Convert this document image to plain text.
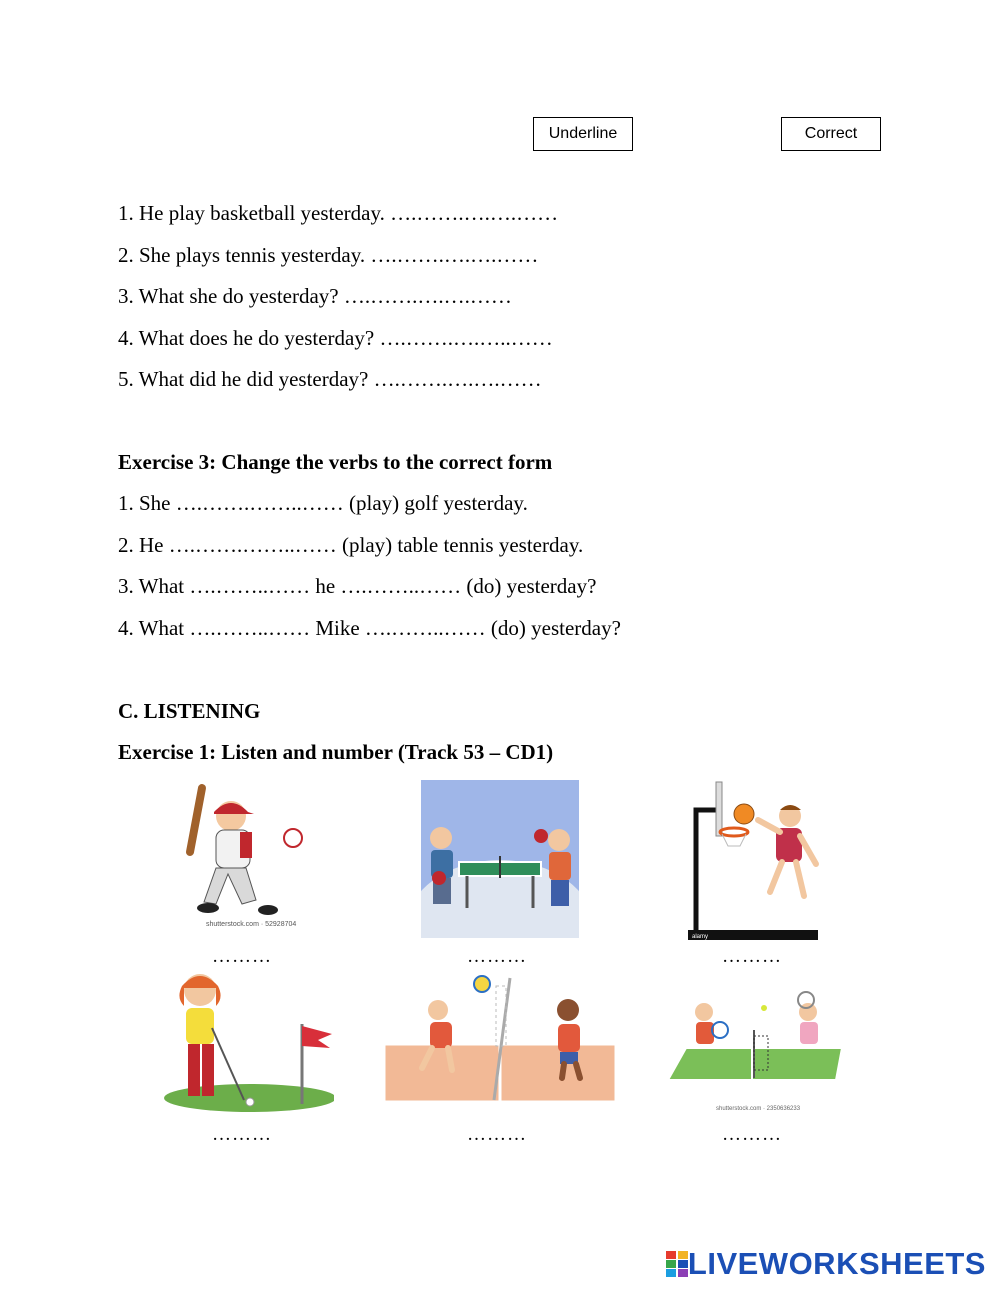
Underline	Correct
1. He play basketball yesterday. ….…….….….……
2. She plays tennis yesterday. ….…….….….……
3. What she do yesterday? ….…….….….……
4. What does he do yesterday? ….…….….…..……
5. What did he did yesterday? ….…….….….……
Exercise 3: Change the verbs to the correct form
1. She ….…….……..…… (play) golf yesterday.
2. He ….…….……..…… (play) table tennis yesterday.
3. What ….……..…… he ….……..…… (do) yesterday?
4. What ….……..…… Mike ….……..…… (do) yesterday?
C. LISTENING
Exercise 1: Listen and number (Track 53 – CD1)
shutterstock.com · 52928704
alamy
………	………	………
shutterstock.com · 2350636233
………	………	………
LIVEWORKSHEETS
